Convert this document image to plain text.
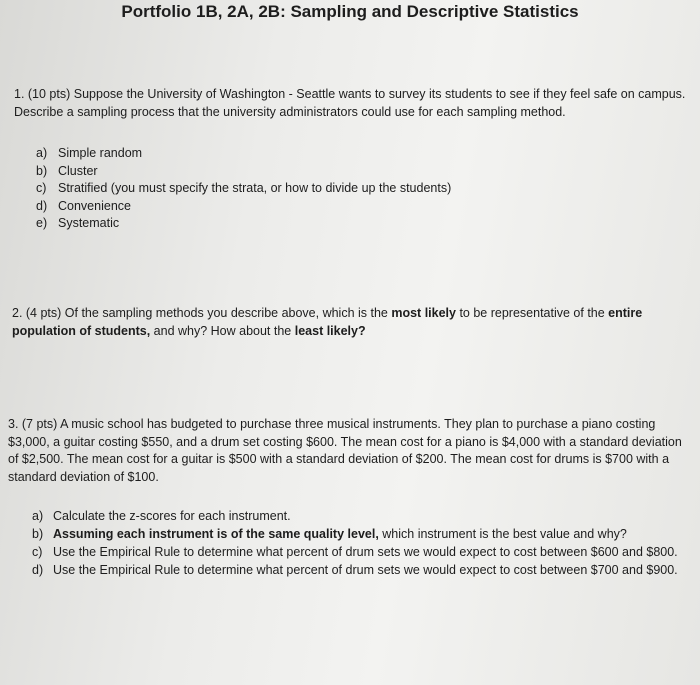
Portfolio 1B, 2A, 2B: Sampling and Descriptive Statistics
1. (10 pts) Suppose the University of Washington - Seattle wants to survey its students to see if they feel safe on campus. Describe a sampling process that the university administrators could use for each sampling method.
a) Simple random
b) Cluster
c) Stratified (you must specify the strata, or how to divide up the students)
d) Convenience
e) Systematic
2. (4 pts) Of the sampling methods you describe above, which is the most likely to be representative of the entire population of students, and why? How about the least likely?
3. (7 pts) A music school has budgeted to purchase three musical instruments. They plan to purchase a piano costing $3,000, a guitar costing $550, and a drum set costing $600. The mean cost for a piano is $4,000 with a standard deviation of $2,500. The mean cost for a guitar is $500 with a standard deviation of $200. The mean cost for drums is $700 with a standard deviation of $100.
a) Calculate the z-scores for each instrument.
b) Assuming each instrument is of the same quality level, which instrument is the best value and why?
c) Use the Empirical Rule to determine what percent of drum sets we would expect to cost between $600 and $800.
d) Use the Empirical Rule to determine what percent of drum sets we would expect to cost between $700 and $900.
